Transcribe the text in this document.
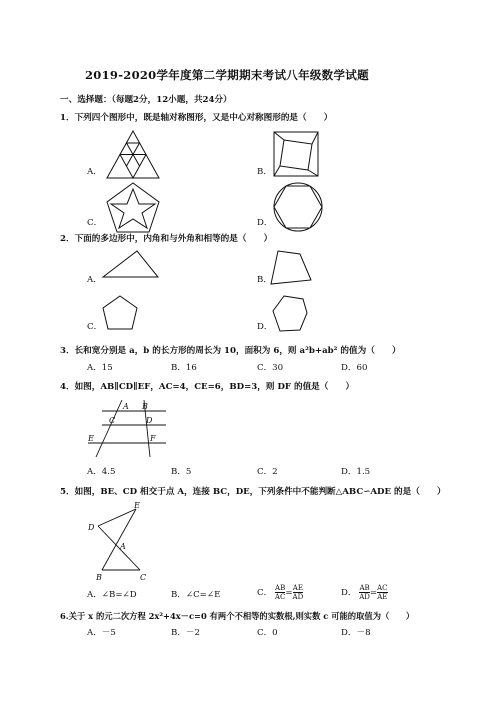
2019-2020学年度第二学期期末考试八年级数学试题
一、选择题：（每题2分，12小题，共24分）
1．下列四个图形中，既是轴对称图形，又是中心对称图形的是（　　）
A．	B．
C．	D．
2．下面的多边形中，内角和与外角和相等的是（　　）
A．	B．
C．	D．
3．长和宽分别是 a，b 的长方形的周长为 10，面积为 6，则 a²b+ab² 的值为（　　）
A．15	B．16	C．30	D．60
4．如图，AB∥CD∥EF，AC=4，CE=6，BD=3，则 DF 的值是（　　）
A B
C	D
E	F
A．4.5	B．5	C．2	D．1.5
5．如图，BE、CD 相交于点 A，连接 BC，DE，下列条件中不能判断△ABC∽ADE 的是（　　）
E
D
A
B	C
A．∠B=∠D	B．∠C=∠E	C． $\frac{AB}{AC} = \frac{AE}{AD}$	D． $\frac{AB}{AD} = \frac{AC}{AE}$
6.关于 x 的元二次方程 2x²+4x－c=0 有两个不相等的实数根,则实数 c 可能的取值为（　　）
A．－5	B．－2	C．0	D．－8
